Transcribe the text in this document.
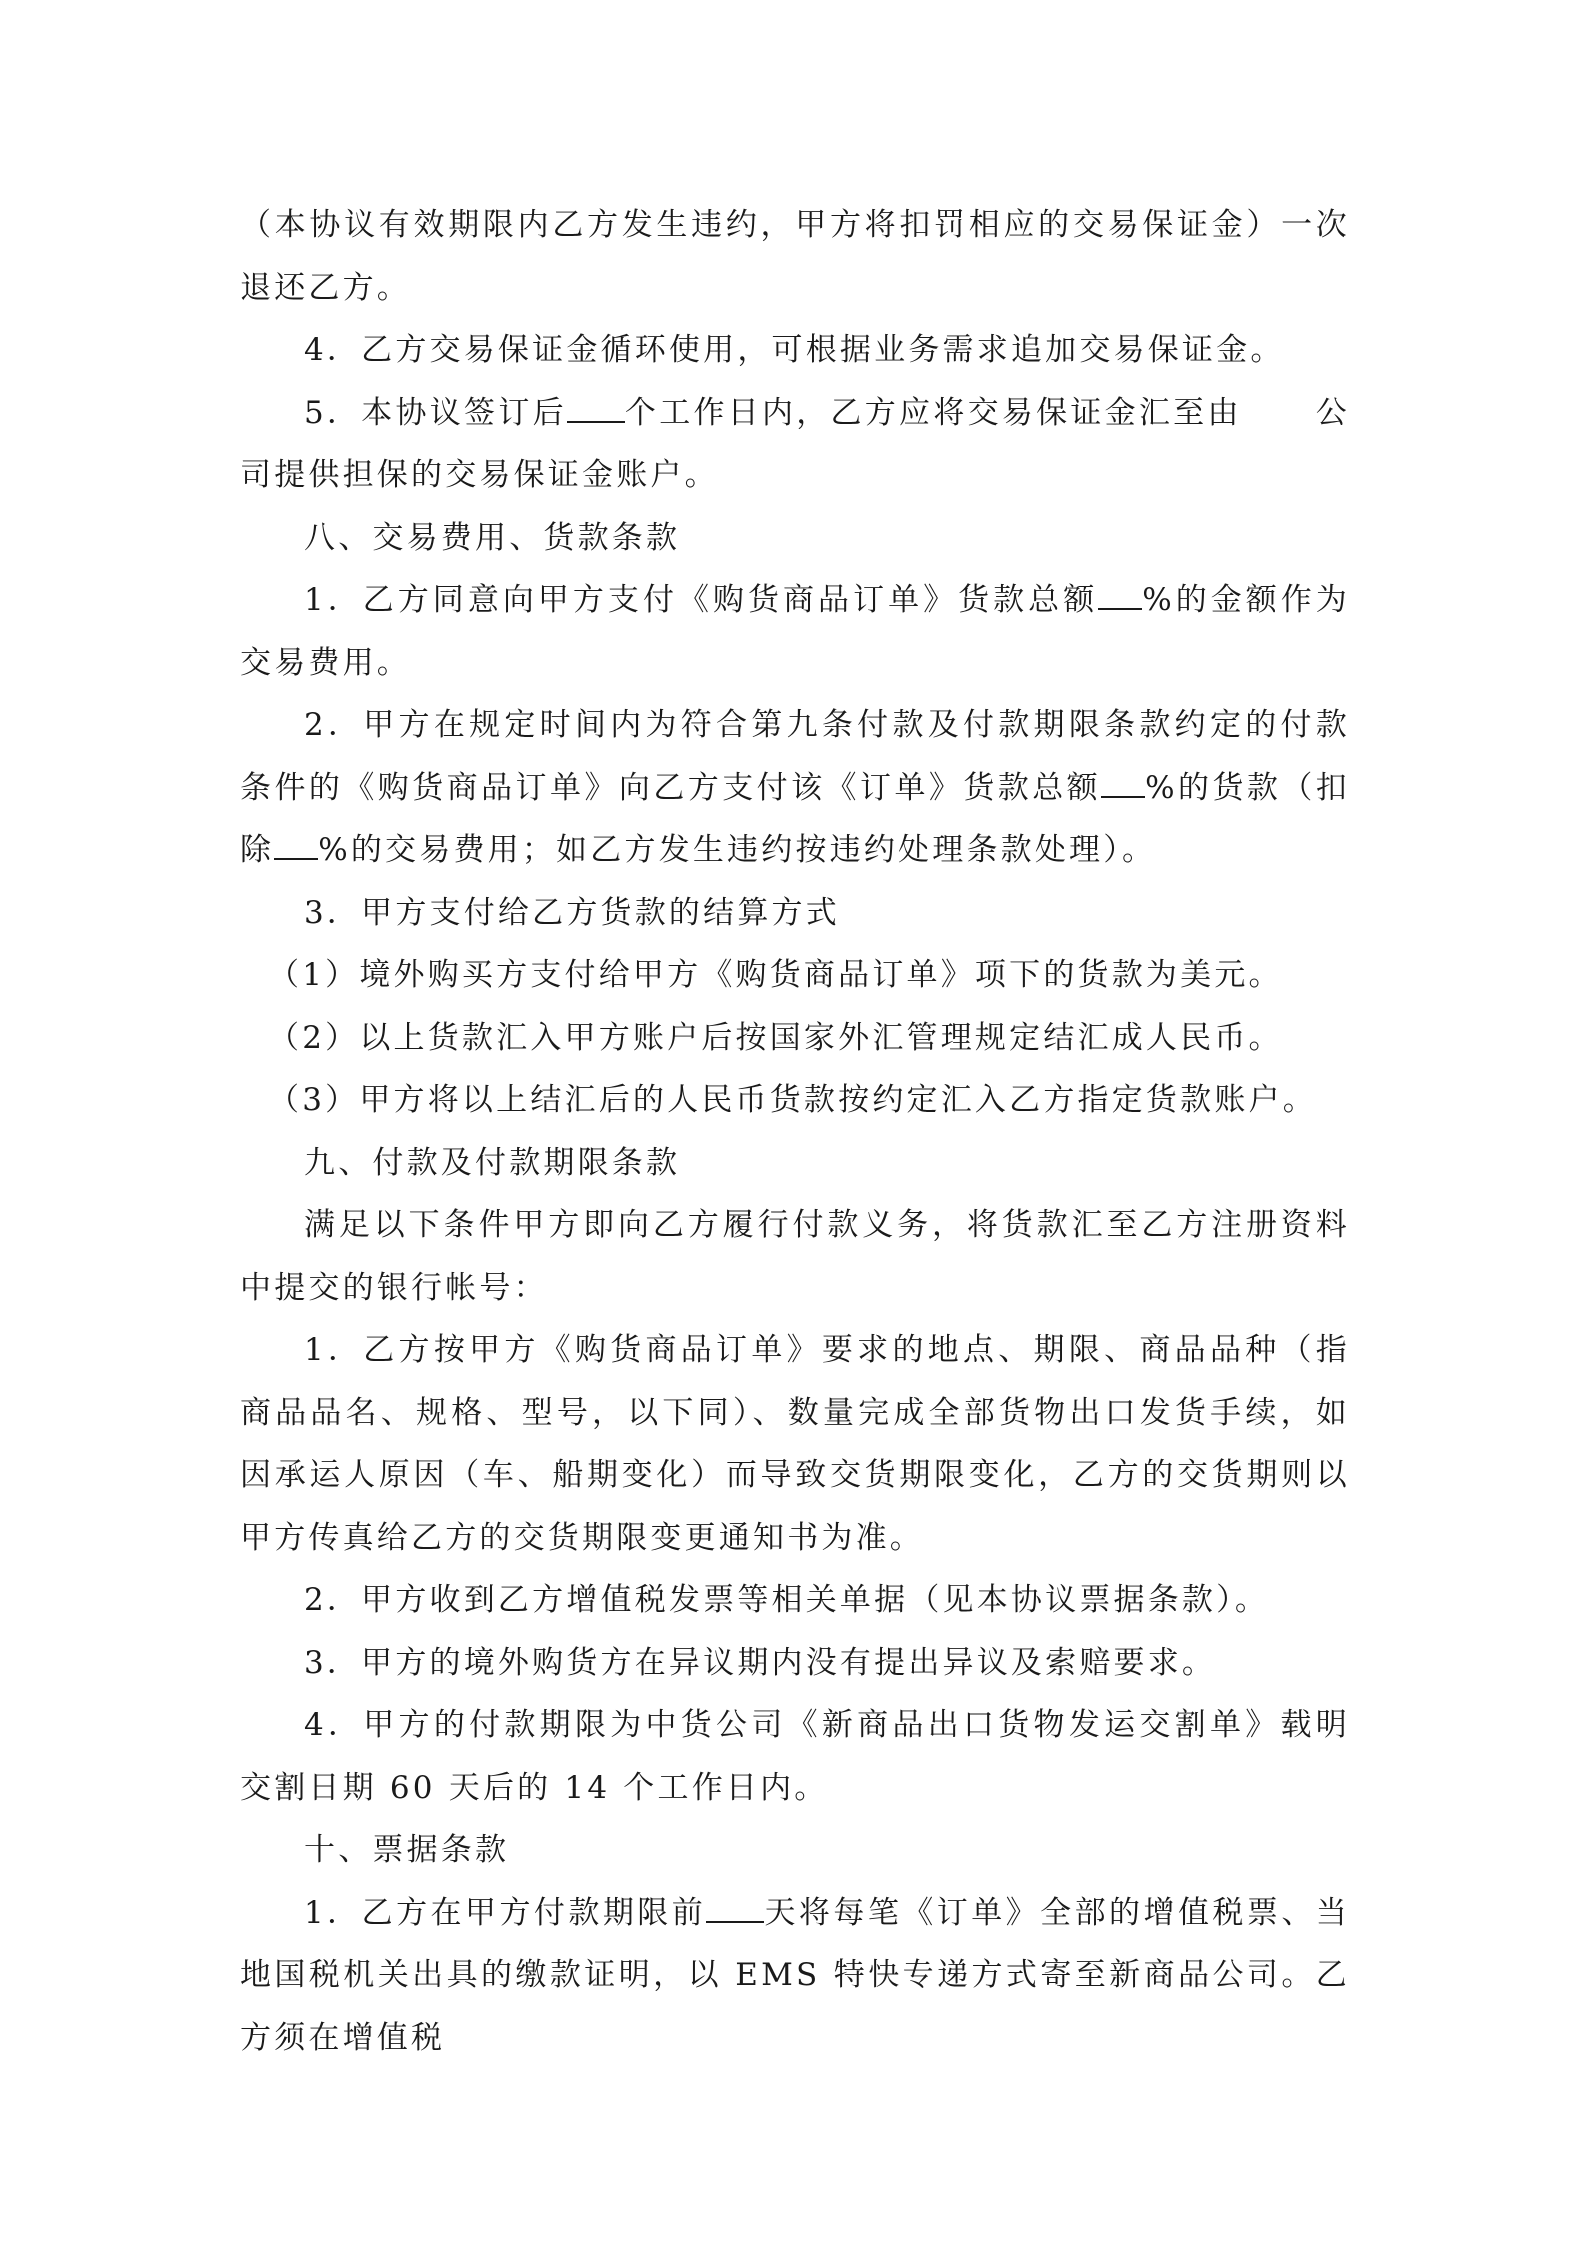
（本协议有效期限内乙方发生违约，甲方将扣罚相应的交易保证金）一次退还乙方。

4．乙方交易保证金循环使用，可根据业务需求追加交易保证金。

5．本协议签订后 个工作日内，乙方应将交易保证金汇至由 公司提供担保的交易保证金账户。

八、交易费用、货款条款

1．乙方同意向甲方支付《购货商品订单》货款总额 %的金额作为交易费用。

2．甲方在规定时间内为符合第九条付款及付款期限条款约定的付款条件的《购货商品订单》向乙方支付该《订单》货款总额 %的货款（扣除 %的交易费用；如乙方发生违约按违约处理条款处理）。

3．甲方支付给乙方货款的结算方式

（1）境外购买方支付给甲方《购货商品订单》项下的货款为美元。

（2）以上货款汇入甲方账户后按国家外汇管理规定结汇成人民币。

（3）甲方将以上结汇后的人民币货款按约定汇入乙方指定货款账户。

九、付款及付款期限条款

满足以下条件甲方即向乙方履行付款义务，将货款汇至乙方注册资料中提交的银行帐号：

1．乙方按甲方《购货商品订单》要求的地点、期限、商品品种（指商品品名、规格、型号，以下同）、数量完成全部货物出口发货手续，如因承运人原因（车、船期变化）而导致交货期限变化，乙方的交货期则以甲方传真给乙方的交货期限变更通知书为准。

2．甲方收到乙方增值税发票等相关单据（见本协议票据条款）。

3．甲方的境外购货方在异议期内没有提出异议及索赔要求。

4．甲方的付款期限为中货公司《新商品出口货物发运交割单》载明交割日期 60 天后的 14 个工作日内。

十、票据条款

1．乙方在甲方付款期限前 天将每笔《订单》全部的增值税票、当地国税机关出具的缴款证明，以 EMS 特快专递方式寄至新商品公司。乙方须在增值税
